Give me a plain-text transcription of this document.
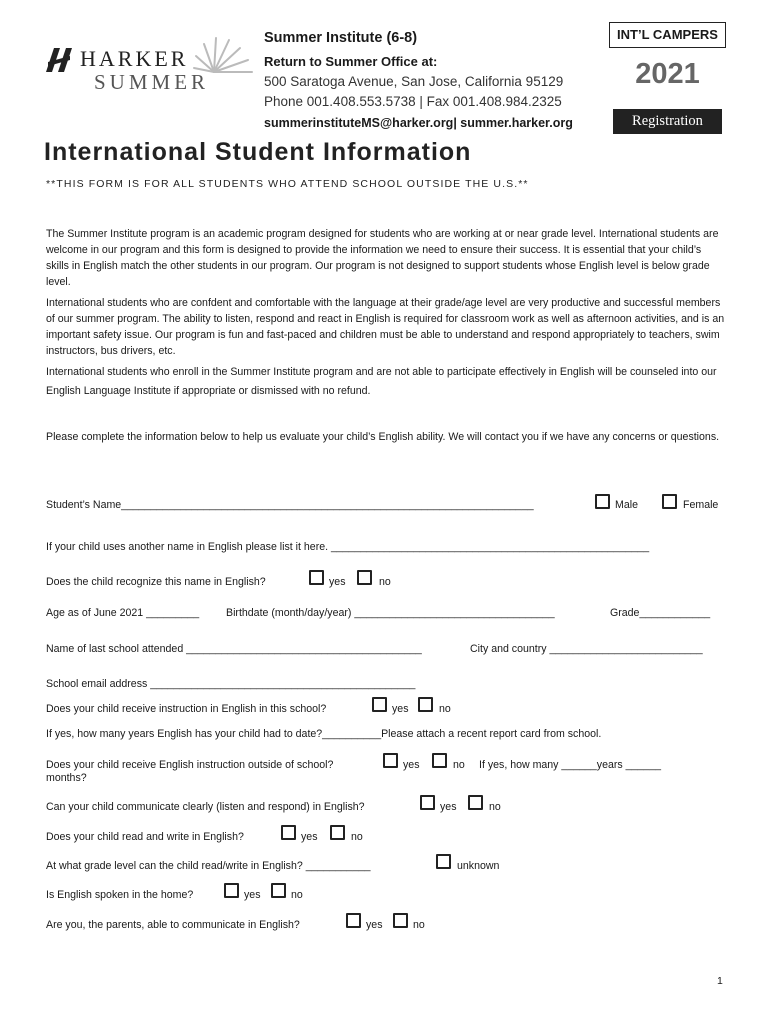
HARKER
SUMMER
Summer Institute (6-8)
Return to Summer Office at:
500 Saratoga Avenue, San Jose, California 95129
Phone 001.408.553.5738 | Fax 001.408.984.2325
summerinstituteMS@harker.org| summer.harker.org
INT’L CAMPERS
2021
Registration
International Student Information
**THIS FORM IS FOR ALL STUDENTS WHO ATTEND SCHOOL OUTSIDE THE U.S.**
The Summer Institute program is an academic program designed for students who are working at or near grade level. International students are welcome in our program and this form is designed to provide the information we need to ensure their success. It is essential that your child’s skills in English match the other students in our program. Our program is not designed to support students whose English level is below grade level.
International students who are confdent and comfortable with the language at their grade/age level are very productive and successful members of our summer program. The ability to listen, respond and react in English is required for classroom work as well as afternoon activities, and is an important safety issue. Our program is fun and fast-paced and children must be able to understand and respond appropriately to teachers, swim instructors, bus drivers, etc.
International students who enroll in the Summer Institute program and are not able to participate effectively in English will be counseled into our English Language Institute if appropriate or dismissed with no refund.
Please complete the information below to help us evaluate your child’s English ability. We will contact you if we have any concerns or questions.
Student’s Name______________________________________________________________________	Male	Female
If your child uses another name in English please list it here. ______________________________________________________
Does the child recognize this name in English?	yes	no
Age as of June 2021 _________	Birthdate (month/day/year) __________________________________	Grade____________
Name of last school attended ________________________________________	City and country __________________________
School email address _____________________________________________
Does your child receive instruction in English in this school?	yes	no
If yes, how many years English has your child had to date?__________Please attach a recent report card from school.
Does your child receive English instruction outside of school?	yes	no If yes, how many ______years ______
months?
Can your child communicate clearly (listen and respond) in English?	yes	no
Does your child read and write in English?	yes	no
At what grade level can the child read/write in English? ___________	unknown
Is English spoken in the home?	yes	no
Are you, the parents, able to communicate in English?	yes	no
1
